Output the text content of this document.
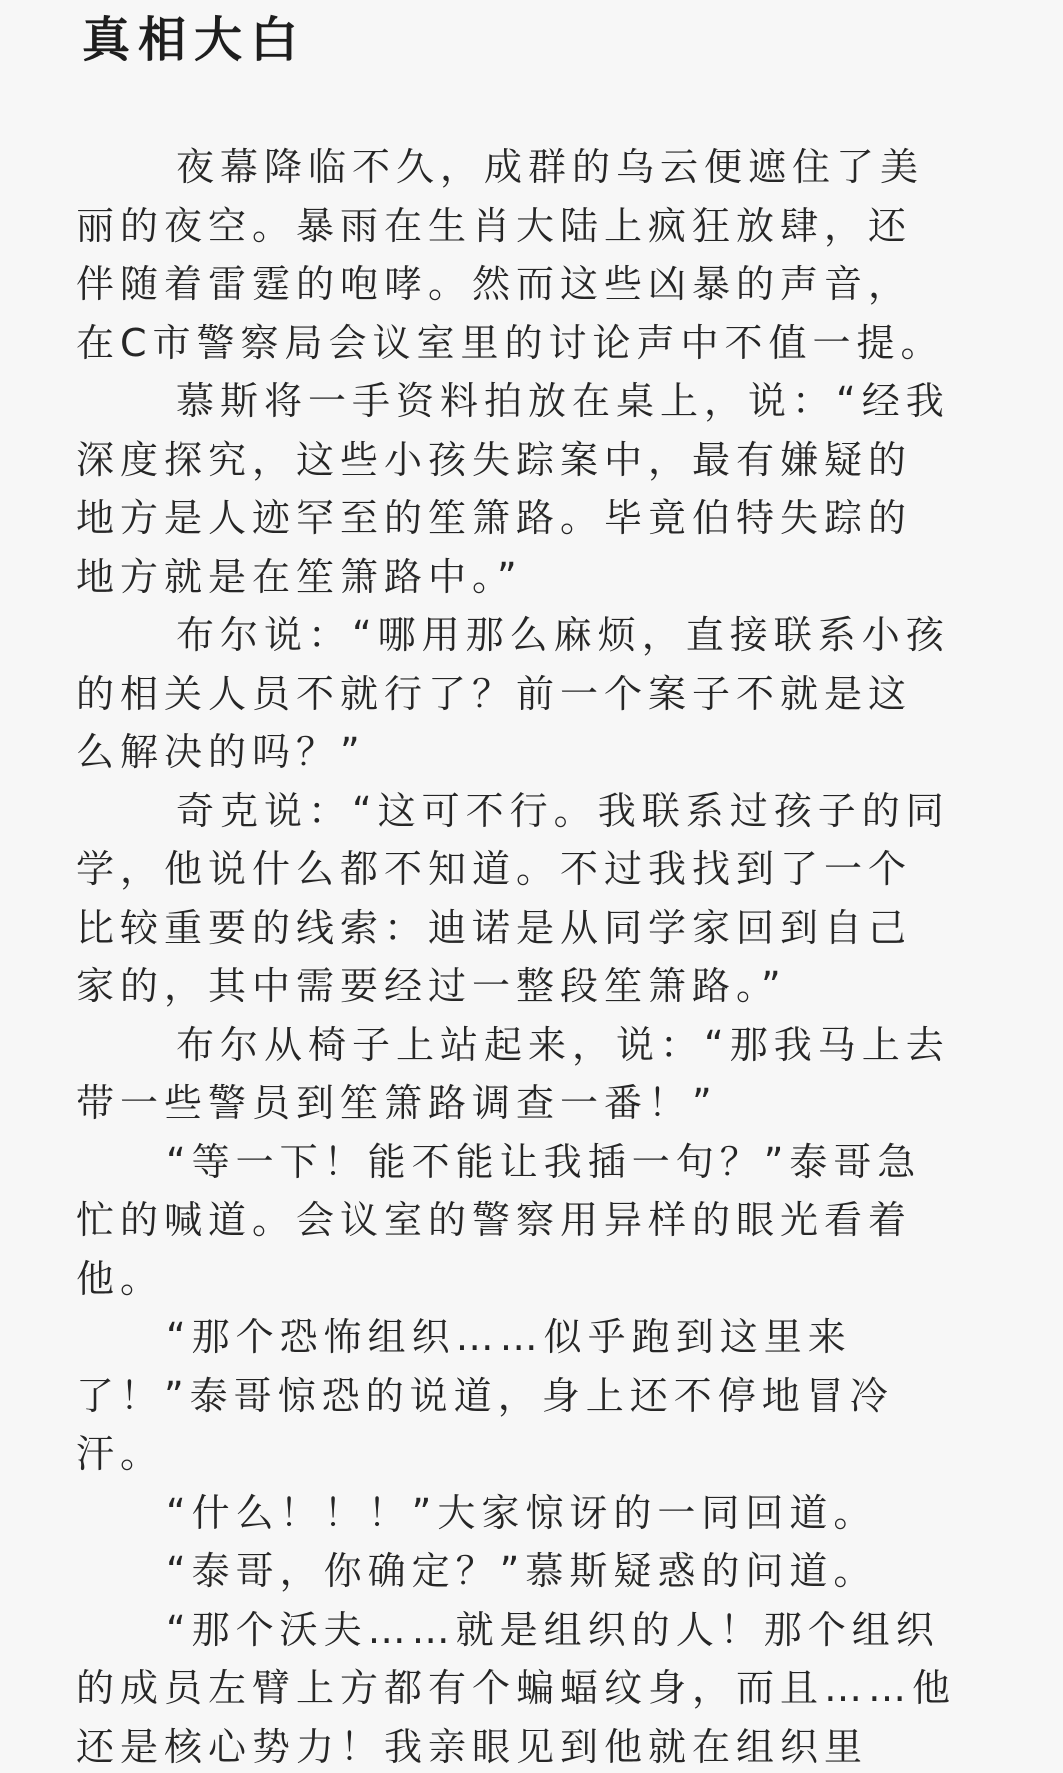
真相大白
夜幕降临不久，成群的乌云便遮住了美
丽的夜空。暴雨在生肖大陆上疯狂放肆，还
伴随着雷霆的咆哮。然而这些凶暴的声音，
在C市警察局会议室里的讨论声中不值一提。
慕斯将一手资料拍放在桌上，说：“经我
深度探究，这些小孩失踪案中，最有嫌疑的
地方是人迹罕至的笙箫路。毕竟伯特失踪的
地方就是在笙箫路中。”
布尔说：“哪用那么麻烦，直接联系小孩
的相关人员不就行了？前一个案子不就是这
么解决的吗？”
奇克说：“这可不行。我联系过孩子的同
学，他说什么都不知道。不过我找到了一个
比较重要的线索：迪诺是从同学家回到自己
家的，其中需要经过一整段笙箫路。”
布尔从椅子上站起来，说：“那我马上去
带一些警员到笙箫路调查一番！”
“等一下！能不能让我插一句？”泰哥急
忙的喊道。会议室的警察用异样的眼光看着
他。
“那个恐怖组织……似乎跑到这里来
了！”泰哥惊恐的说道，身上还不停地冒冷
汗。
“什么！！！”大家惊讶的一同回道。
“泰哥，你确定？”慕斯疑惑的问道。
“那个沃夫……就是组织的人！那个组织
的成员左臂上方都有个蝙蝠纹身，而且……他
还是核心势力！我亲眼见到他就在组织里
